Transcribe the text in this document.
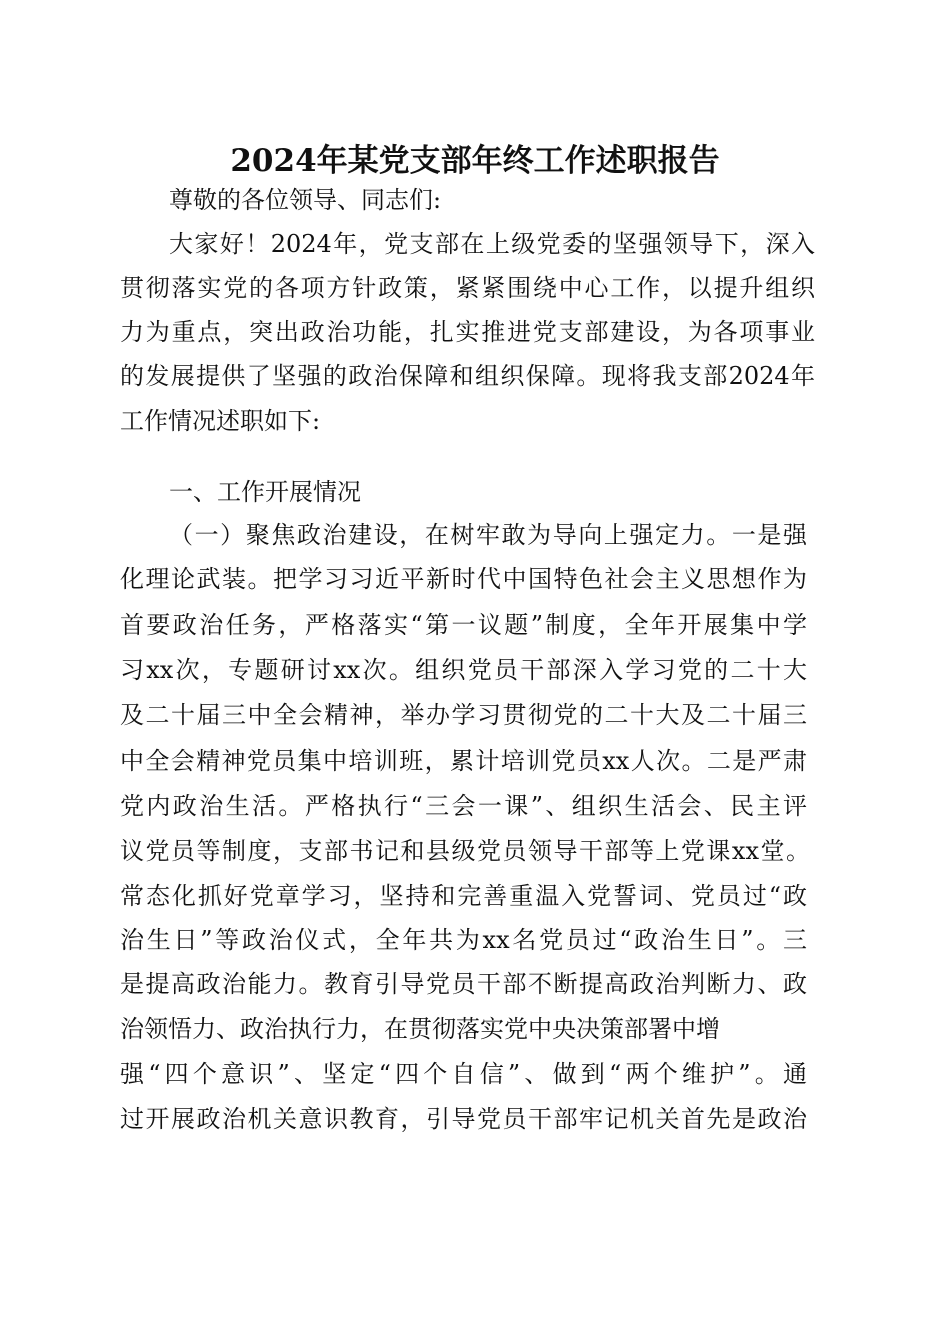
2024年某党支部年终工作述职报告
尊敬的各位领导、同志们:
大家好！2024年，党支部在上级党委的坚强领导下，深入
贯彻落实党的各项方针政策，紧紧围绕中心工作，以提升组织
力为重点，突出政治功能，扎实推进党支部建设，为各项事业
的发展提供了坚强的政治保障和组织保障。现将我支部2024年
工作情况述职如下:
一、工作开展情况
（一）聚焦政治建设，在树牢敢为导向上强定力。一是强
化理论武装。把学习习近平新时代中国特色社会主义思想作为
首要政治任务，严格落实“第一议题”制度，全年开展集中学
习xx次，专题研讨xx次。组织党员干部深入学习党的二十大
及二十届三中全会精神，举办学习贯彻党的二十大及二十届三
中全会精神党员集中培训班，累计培训党员xx人次。二是严肃
党内政治生活。严格执行“三会一课”、组织生活会、民主评
议党员等制度，支部书记和县级党员领导干部等上党课xx堂。
常态化抓好党章学习，坚持和完善重温入党誓词、党员过“政
治生日”等政治仪式，全年共为xx名党员过“政治生日”。三
是提高政治能力。教育引导党员干部不断提高政治判断力、政
治领悟力、政治执行力，在贯彻落实党中央决策部署中增
强“四个意识”、坚定“四个自信”、做到“两个维护”。通
过开展政治机关意识教育，引导党员干部牢记机关首先是政治
